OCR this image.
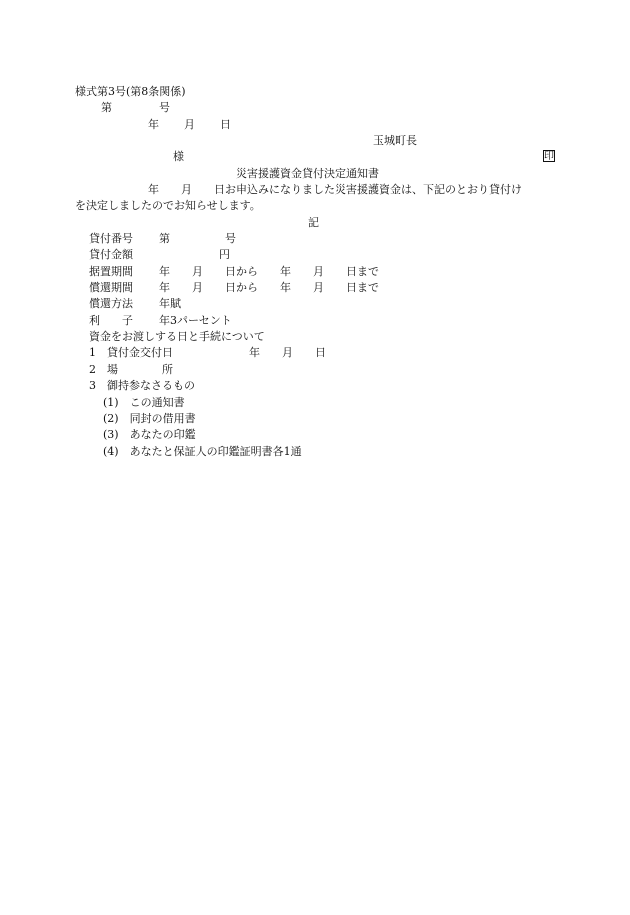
様式第3号(第8条関係)
第	号
年 月 日
玉城町長

印

様
災害援護資金貸付決定通知書
年　　月　　日お申込みになりました災害援護資金は、下記のとおり貸付け
を決定しましたのでお知らせします。
記
貸付番号 第　　　　　号
貸付金額	円
据置期間 年　　月　　日から　　年　　月　　日まで
償還期間 年　　月　　日から　　年　　月　　日まで
償還方法 年賦
利　　子 年3パーセント
資金をお渡しする日と手続について
1　貸付金交付日	年　　月　　日
2　場　　　　所
3　御持参なさるもの
(1)　この通知書
(2)　同封の借用書
(3)　あなたの印鑑
(4)　あなたと保証人の印鑑証明書各1通
